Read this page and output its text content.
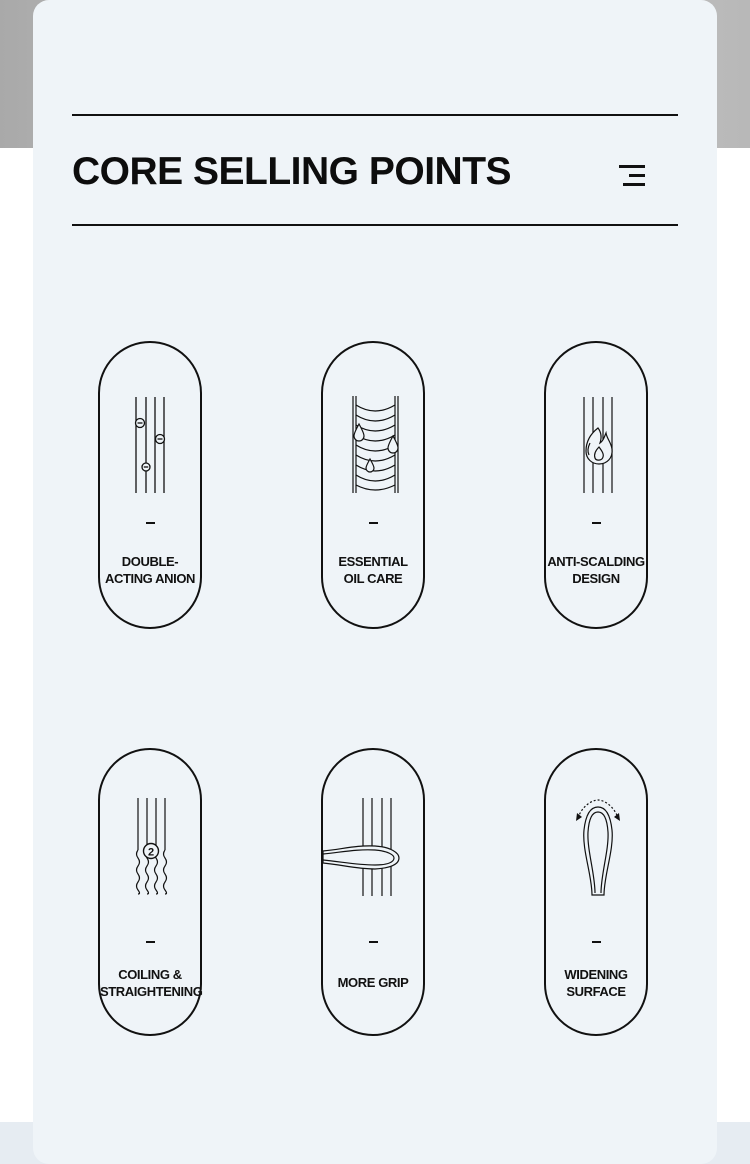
CORE SELLING POINTS
DOUBLE-
ACTING ANION
ESSENTIAL
OIL CARE
ANTI-SCALDING
DESIGN
2
COILING &
STRAIGHTENING
MORE GRIP
WIDENING
SURFACE
